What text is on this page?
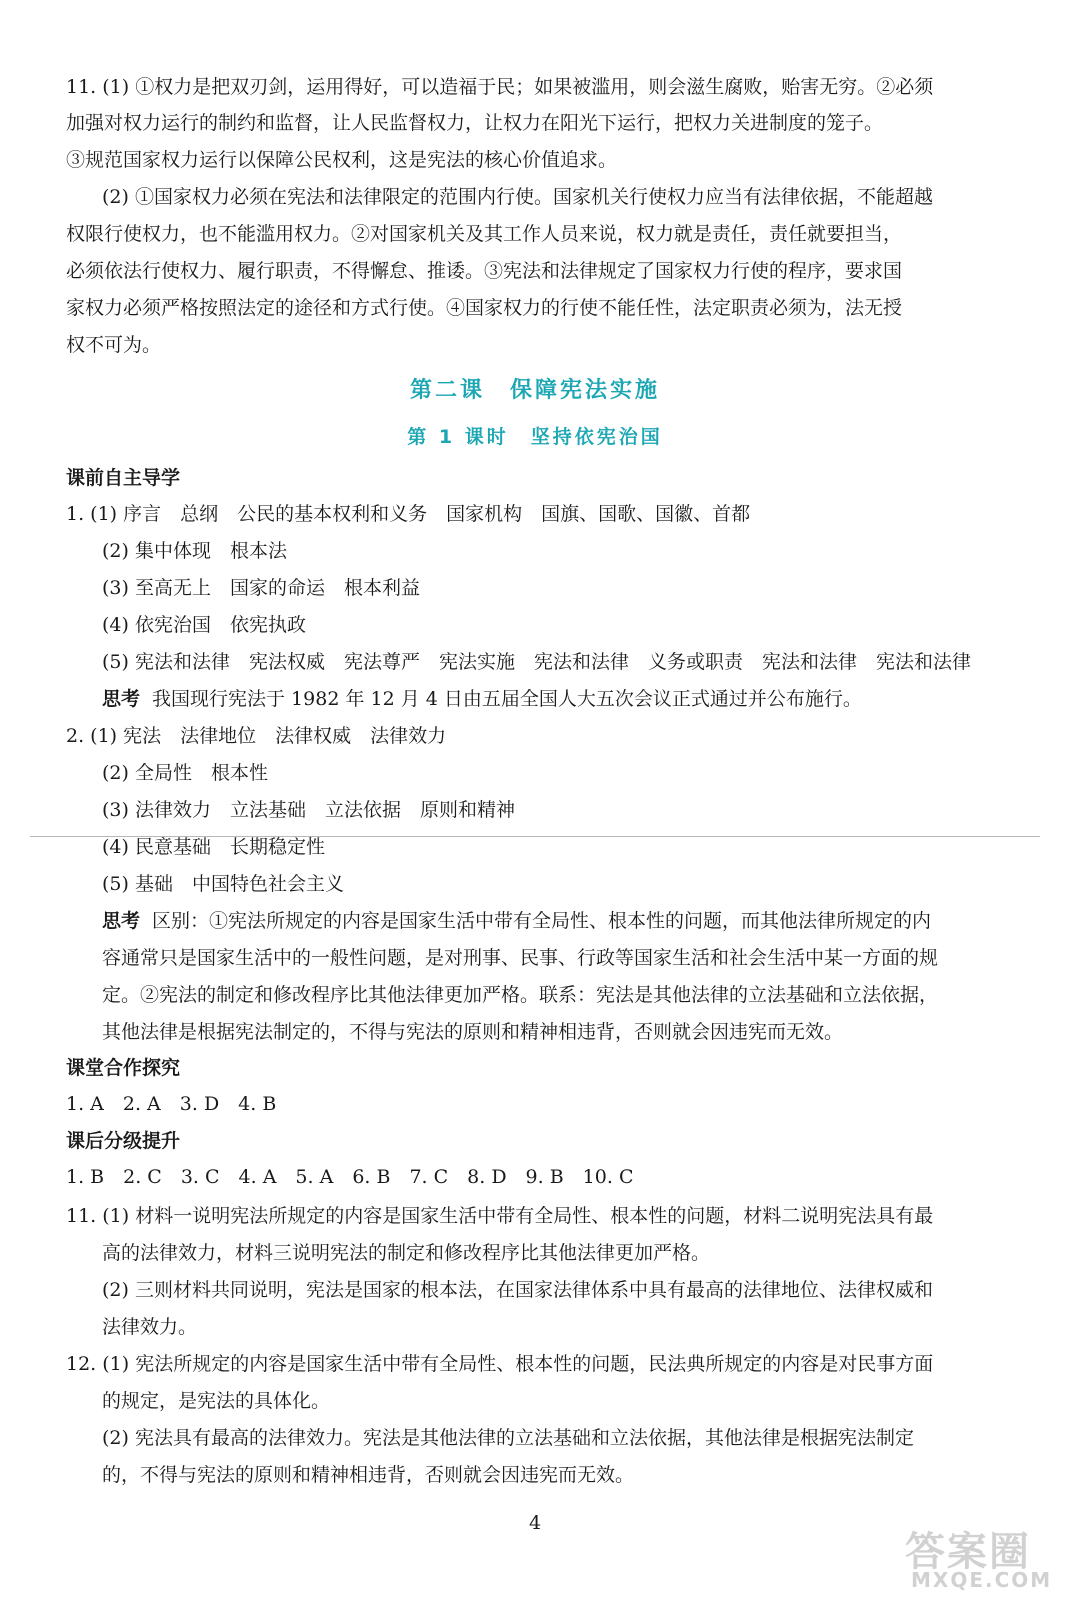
11. (1) ①权力是把双刃剑，运用得好，可以造福于民；如果被滥用，则会滋生腐败，贻害无穷。②必须
加强对权力运行的制约和监督，让人民监督权力，让权力在阳光下运行，把权力关进制度的笼子。
③规范国家权力运行以保障公民权利，这是宪法的核心价值追求。
(2) ①国家权力必须在宪法和法律限定的范围内行使。国家机关行使权力应当有法律依据，不能超越
权限行使权力，也不能滥用权力。②对国家机关及其工作人员来说，权力就是责任，责任就要担当，
必须依法行使权力、履行职责，不得懈怠、推诿。③宪法和法律规定了国家权力行使的程序，要求国
家权力必须严格按照法定的途径和方式行使。④国家权力的行使不能任性，法定职责必须为，法无授
权不可为。
第二课　保障宪法实施
第 1 课时　坚持依宪治国
课前自主导学
1. (1) 序言　总纲　公民的基本权利和义务　国家机构　国旗、国歌、国徽、首都
(2) 集中体现　根本法
(3) 至高无上　国家的命运　根本利益
(4) 依宪治国　依宪执政
(5) 宪法和法律　宪法权威　宪法尊严　宪法实施　宪法和法律　义务或职责　宪法和法律　宪法和法律
思考 我国现行宪法于 1982 年 12 月 4 日由五届全国人大五次会议正式通过并公布施行。
2. (1) 宪法　法律地位　法律权威　法律效力
(2) 全局性　根本性
(3) 法律效力　立法基础　立法依据　原则和精神
(4) 民意基础　长期稳定性
(5) 基础　中国特色社会主义
思考 区别：①宪法所规定的内容是国家生活中带有全局性、根本性的问题，而其他法律所规定的内
容通常只是国家生活中的一般性问题，是对刑事、民事、行政等国家生活和社会生活中某一方面的规
定。②宪法的制定和修改程序比其他法律更加严格。联系：宪法是其他法律的立法基础和立法依据，
其他法律是根据宪法制定的，不得与宪法的原则和精神相违背，否则就会因违宪而无效。
课堂合作探究
1. A　2. A　3. D　4. B
课后分级提升
1. B　2. C　3. C　4. A　5. A　6. B　7. C　8. D　9. B　10. C
11. (1) 材料一说明宪法所规定的内容是国家生活中带有全局性、根本性的问题，材料二说明宪法具有最
高的法律效力，材料三说明宪法的制定和修改程序比其他法律更加严格。
(2) 三则材料共同说明，宪法是国家的根本法，在国家法律体系中具有最高的法律地位、法律权威和
法律效力。
12. (1) 宪法所规定的内容是国家生活中带有全局性、根本性的问题，民法典所规定的内容是对民事方面
的规定，是宪法的具体化。
(2) 宪法具有最高的法律效力。宪法是其他法律的立法基础和立法依据，其他法律是根据宪法制定
的，不得与宪法的原则和精神相违背，否则就会因违宪而无效。
4
答案圈
MXQE.COM
